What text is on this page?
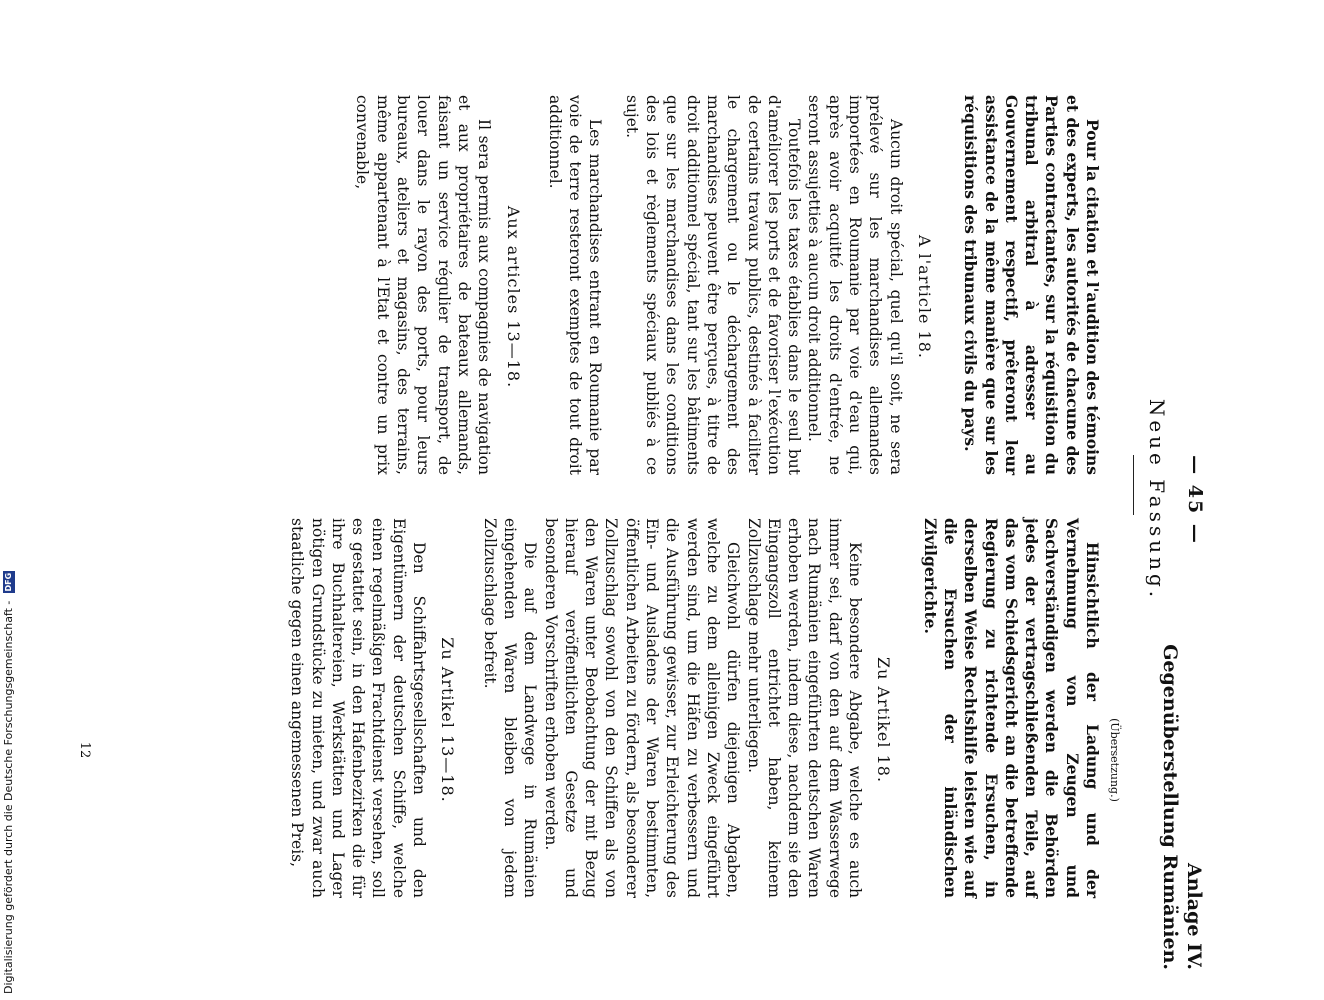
Anlage IV.
Gegenüberstellung Rumänien.
— 45 —
Neue Fassung.
(Übersetzung.)

Pour la citation et l'audition des témoins et des experts, les autorités de chacune des Parties contractantes, sur la réquisition du tribunal arbitral à adresser au Gouvernement respectif, prêteront leur assistance de la même manière que sur les réquisitions des tribunaux civils du pays.

A l'article 18.

Aucun droit spécial, quel qu'il soit, ne sera prélevé sur les marchandises allemandes importées en Roumanie par voie d'eau qui, après avoir acquitté les droits d'entrée, ne seront assujetties à aucun droit additionnel.

Toutefois les taxes établies dans le seul but d'améliorer les ports et de favoriser l'exécution de certains travaux publics, destinés à faciliter le chargement ou le déchargement des marchandises peuvent être perçues, à titre de droit additionnel spécial, tant sur les bâtiments que sur les marchandises dans les conditions des lois et règlements spéciaux publiés à ce sujet.

Les marchandises entrant en Roumanie par voie de terre resteront exemptes de tout droit additionnel.

Aux articles 13—18.

Il sera permis aux compagnies de navigation et aux propriétaires de bateaux allemands, faisant un service régulier de transport, de louer dans le rayon des ports, pour leurs bureaux, ateliers et magasins, des terrains, même appartenant à l'Etat et contre un prix convenable,

Hinsichtlich der Ladung und der Vernehmung von Zeugen und Sachverständigen werden die Behörden jedes der vertragschließenden Teile, auf das vom Schiedsgericht an die betreffende Regierung zu richtende Ersuchen, in derselben Weise Rechtshilfe leisten wie auf die Ersuchen der inländischen Zivilgerichte.

Zu Artikel 18.

Keine besondere Abgabe, welche es auch immer sei, darf von den auf dem Wasserwege nach Rumänien eingeführten deutschen Waren erhoben werden, indem diese, nachdem sie den Eingangszoll entrichtet haben, keinem Zollzuschlage mehr unterliegen.

Gleichwohl dürfen diejenigen Abgaben, welche zu dem alleinigen Zweck eingeführt werden sind, um die Häfen zu verbessern und die Ausführung gewisser, zur Erleichterung des Ein- und Ausladens der Waren bestimmten, öffentlichen Arbeiten zu fördern, als besonderer Zollzuschlag sowohl von den Schiffen als von den Waren unter Beobachtung der mit Bezug hierauf veröffentlichten Gesetze und besonderen Vorschriften erhoben werden.

Die auf dem Landwege in Rumänien eingehenden Waren bleiben von jedem Zollzuschlage befreit.

Zu Artikel 13—18.

Den Schiffahrtsgesellschaften und den Eigentümern der deutschen Schiffe, welche einen regelmäßigen Frachtdienst versehen, soll es gestattet sein, in den Hafenbezirken die für ihre Buchhaltereien, Werkstätten und Lager nötigen Grundstücke zu mieten, und zwar auch staatliche gegen einen angemessenen Preis,

12
Digitalisierung gefördert durch die Deutsche Forschungsgemeinschaft - DFG
